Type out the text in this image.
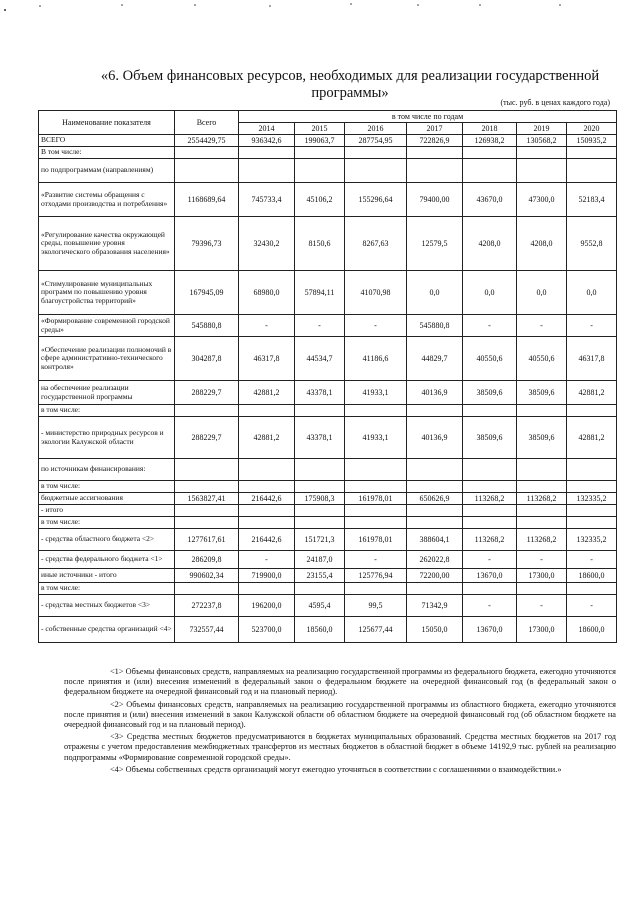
«6. Объем финансовых ресурсов, необходимых для реализации государственной программы»
(тыс. руб. в ценах каждого года)
Наименование показателя	Всего	в том числе по годам						
		2014	2015	2016	2017	2018	2019	2020
ВСЕГО	2554429,75	936342,6	199063,7	287754,95	722826,9	126938,2	130568,2	150935,2
В том числе:								
по подпрограммам (направлениям)								
«Развитие системы обращения с отходами производства и потребления»	1168689,64	745733,4	45106,2	155296,64	79400,00	43670,0	47300,0	52183,4
«Регулирование качества окружающей среды, повышение уровня экологического образования населения»	79396,73	32430,2	8150,6	8267,63	12579,5	4208,0	4208,0	9552,8
«Стимулирование муниципальных программ по повышению уровня благоустройства территорий»	167945,09	68980,0	57894,11	41070,98	0,0	0,0	0,0	0,0
«Формирование современной городской среды»	545880,8	-	-	-	545880,8	-	-	-
«Обеспечение реализации полномочий в сфере административно-технического контроля»	304287,8	46317,8	44534,7	41186,6	44829,7	40550,6	40550,6	46317,8
на обеспечение реализации государственной программы	288229,7	42881,2	43378,1	41933,1	40136,9	38509,6	38509,6	42881,2
в том числе:								
- министерство природных ресурсов и экологии Калужской области	288229,7	42881,2	43378,1	41933,1	40136,9	38509,6	38509,6	42881,2
по источникам финансирования:								
в том числе:								
бюджетные ассигнования	1563827,41	216442,6	175908,3	161978,01	650626,9	113268,2	113268,2	132335,2
- итого								
в том числе:								
- средства областного бюджета <2>	1277617,61	216442,6	151721,3	161978,01	388604,1	113268,2	113268,2	132335,2
- средства федерального бюджета <1>	286209,8	-	24187,0	-	262022,8	-	-	-
иные источники - итого	990602,34	719900,0	23155,4	125776,94	72200,00	13670,0	17300,0	18600,0
в том числе:								
- средства местных бюджетов <3>	272237,8	196200,0	4595,4	99,5	71342,9	-	-	-
- собственные средства организаций <4>	732557,44	523700,0	18560,0	125677,44	15050,0	13670,0	17300,0	18600,0

<1> Объемы финансовых средств, направляемых на реализацию государственной программы из федерального бюджета, ежегодно уточняются после принятия и (или) внесения изменений в федеральный закон о федеральном бюджете на очередной финансовый год (в федеральный закон о федеральном бюджете на очередной финансовый год и на плановый период).

<2> Объемы финансовых средств, направляемых на реализацию государственной программы из областного бюджета, ежегодно уточняются после принятия и (или) внесения изменений в закон Калужской области об областном бюджете на очередной финансовый год (об областном бюджете на очередной финансовый год и на плановый период).

<3> Средства местных бюджетов предусматриваются в бюджетах муниципальных образований. Средства местных бюджетов на 2017 год отражены с учетом предоставления межбюджетных трансфертов из местных бюджетов в областной бюджет в объеме 14192,9 тыс. рублей на реализацию подпрограммы «Формирование современной городской среды».

<4> Объемы собственных средств организаций могут ежегодно уточняться в соответствии с соглашениями о взаимодействии.»
